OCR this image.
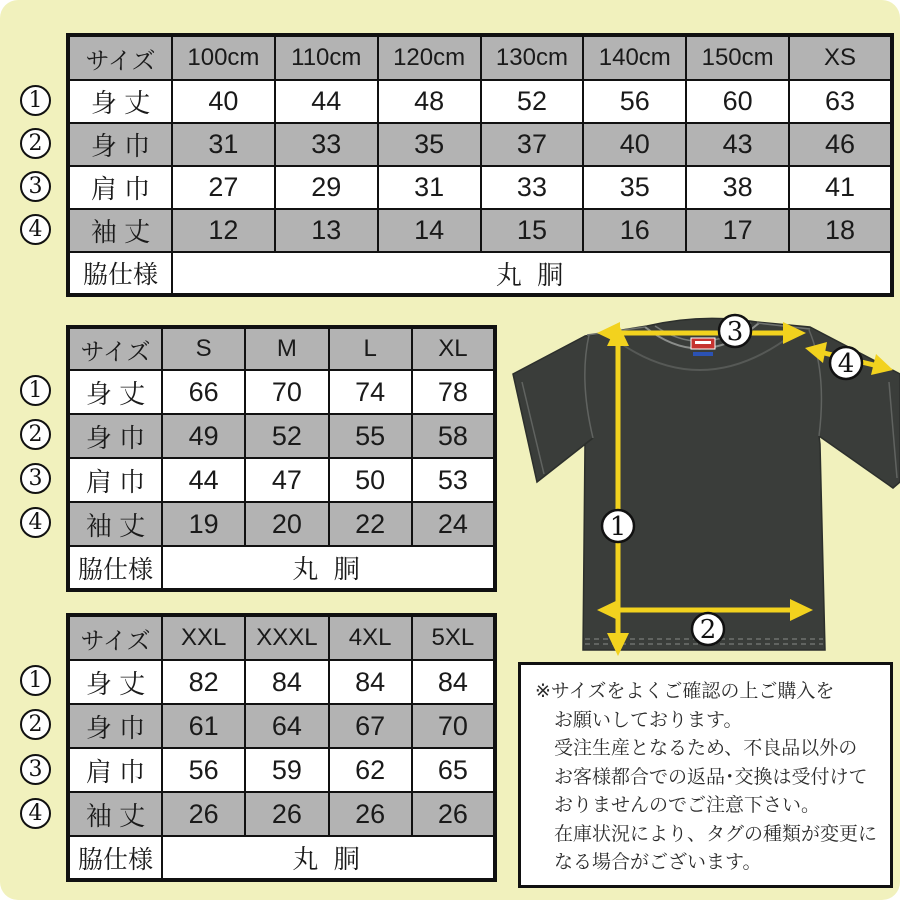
サイズ	100cm	110cm	120cm	130cm	140cm	150cm	XS
身 丈	40	44	48	52	56	60	63
身 巾	31	33	35	37	40	43	46
肩 巾	27	29	31	33	35	38	41
袖 丈	12	13	14	15	16	17	18
脇仕様	丸 胴						
サイズ	S	M	L	XL
身 丈	66	70	74	78
身 巾	49	52	55	58
肩 巾	44	47	50	53
袖 丈	19	20	22	24
脇仕様	丸 胴			
サイズ	XXL	XXXL	4XL	5XL
身 丈	82	84	84	84
身 巾	61	64	67	70
肩 巾	56	59	62	65
袖 丈	26	26	26	26
脇仕様	丸 胴			
3
4
1
2
※サイズをよくご確認の上ご購入を
お願いしております。
受注生産となるため、不良品以外の
お客様都合での返品･交換は受付けて
おりませんのでご注意下さい。
在庫状況により、タグの種類が変更に
なる場合がございます。
1
2
3
4
1
2
3
4
1
2
3
4
